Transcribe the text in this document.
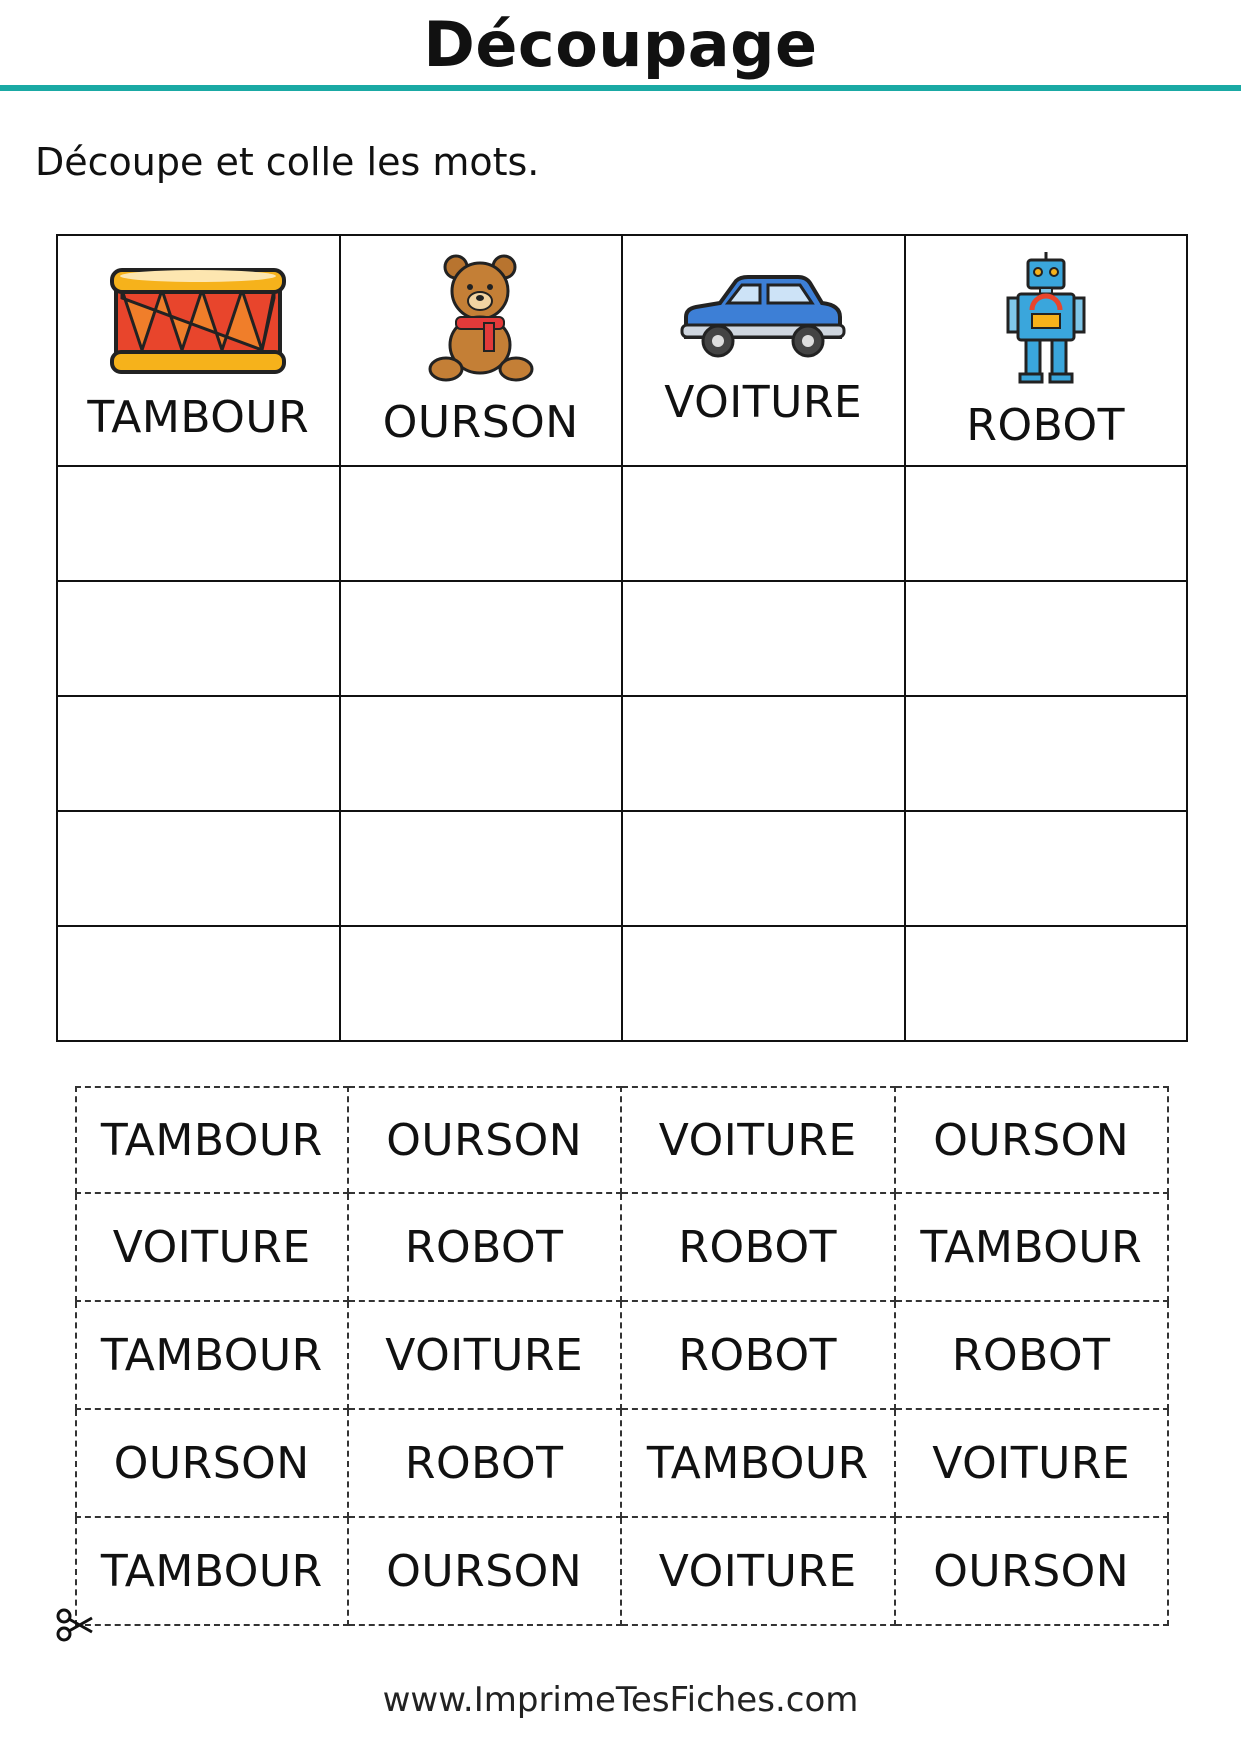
Découpage
Découpe et colle les mots.
TAMBOUR	OURSON	VOITURE	ROBOT

TAMBOUR	OURSON	VOITURE	OURSON
VOITURE	ROBOT	ROBOT	TAMBOUR
TAMBOUR	VOITURE	ROBOT	ROBOT
OURSON	ROBOT	TAMBOUR	VOITURE
TAMBOUR	OURSON	VOITURE	OURSON
www.ImprimeTesFiches.com
